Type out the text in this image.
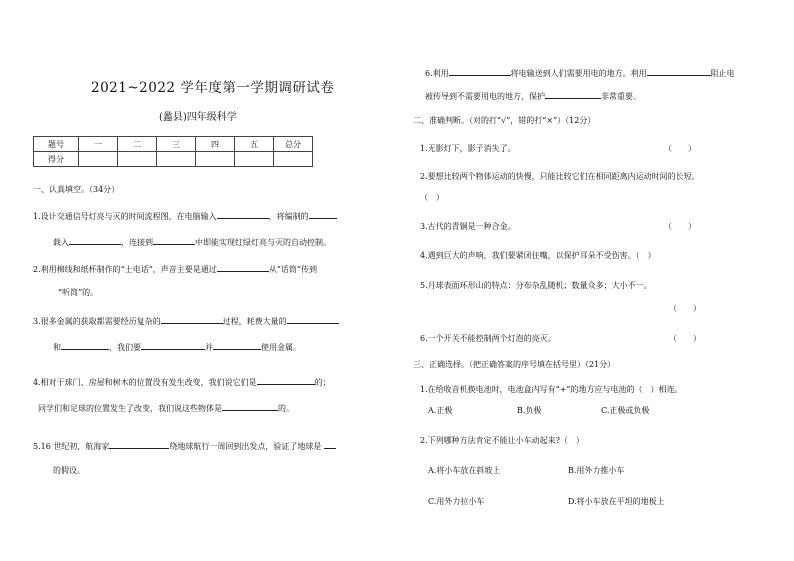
2021~2022 学年度第一学期调研试卷
(蠡县)四年级科学
题号	一	二	三	四	五	总分
得分						
一、认真填空。（34分）
1.设计交通信号灯亮与灭的时间流程图，在电脑输入	，将编制的
载入	，连接到	中即能实现红绿灯亮与灭的自动控制。
2.利用棉线和纸杯制作的“土电话”，声音主要是通过	从“话筒”传到
“听筒”的。
3.很多金属的获取都需要经历复杂的	过程，耗费大量的
和	，我们要	并	使用金属。
4.相对于球门、房屋和树木的位置没有发生改变，我们说它们是	的；
同学们和足球的位置发生了改变，我们说这些物体是	的。
5.16 世纪初，航海家	绕地球航行一周回到出发点，验证了地球是
的假设。
6.利用	将电输送到人们需要用电的地方。利用	阻止电
被传导到不需要用电的地方，保护	非常重要。
二、准确判断。（对的打“√”，错的打“×”）（12分）
1.无影灯下，影子消失了。	（　　）
2.要想比较两个物体运动的快慢，只能比较它们在相同距离内运动时间的长短。
（　）
3.古代的青铜是一种合金。	（　　）
4.遇到巨大的声响，我们要紧闭住嘴，以保护耳朵不受伤害。（　）
5.月球表面环形山的特点：分布杂乱随机；数量众多；大小不一。
（　　）
6.一个开关不能控制两个灯泡的亮灭。	（　　）
三、正确选择。（把正确答案的序号填在括号里）（21分）
1.在给收音机换电池时，电池盒内写有“+”的地方应与电池的（　）相连。
A.正极	B.负极	C.正极或负极
2.下列哪种方法肯定不能让小车动起来?（　）
A.将小车放在斜坡上	B.用外力推小车
C.用外力拉小车	D.将小车放在平坦的地板上
